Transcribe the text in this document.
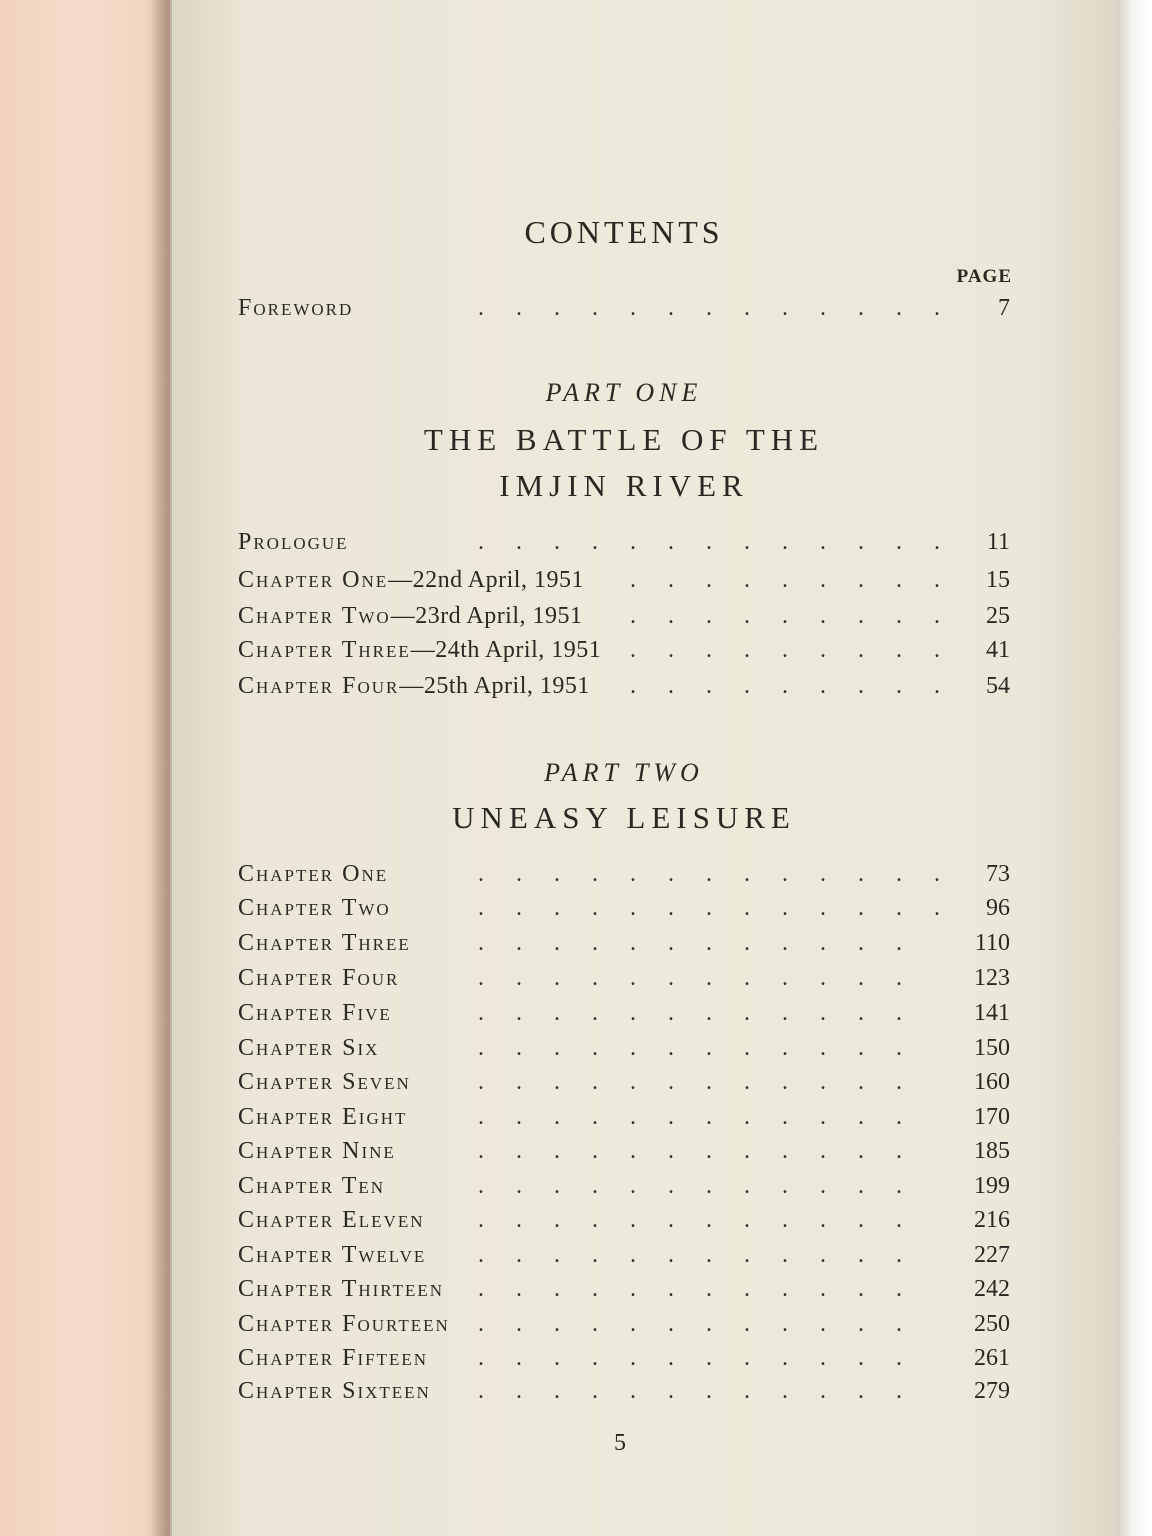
CONTENTS
PAGE
Foreword	............. 7
PART ONE
THE BATTLE OF THE
IMJIN RIVER
Prologue	............. 11
Chapter One—22nd April, 1951 ......... 15
Chapter Two—23rd April, 1951 ......... 25
Chapter Three—24th April, 1951 ......... 41
Chapter Four—25th April, 1951 ......... 54
PART TWO
UNEASY LEISURE
Chapter One	............. 73
Chapter Two	............. 96
Chapter Three	............ 110
Chapter Four	............ 123
Chapter Five	............ 141
Chapter Six	............ 150
Chapter Seven	............ 160
Chapter Eight	............ 170
Chapter Nine	............ 185
Chapter Ten	............ 199
Chapter Eleven ............ 216
Chapter Twelve ............ 227
Chapter Thirteen ............ 242
Chapter Fourteen ............ 250
Chapter Fifteen ............ 261
Chapter Sixteen ............ 279
5
